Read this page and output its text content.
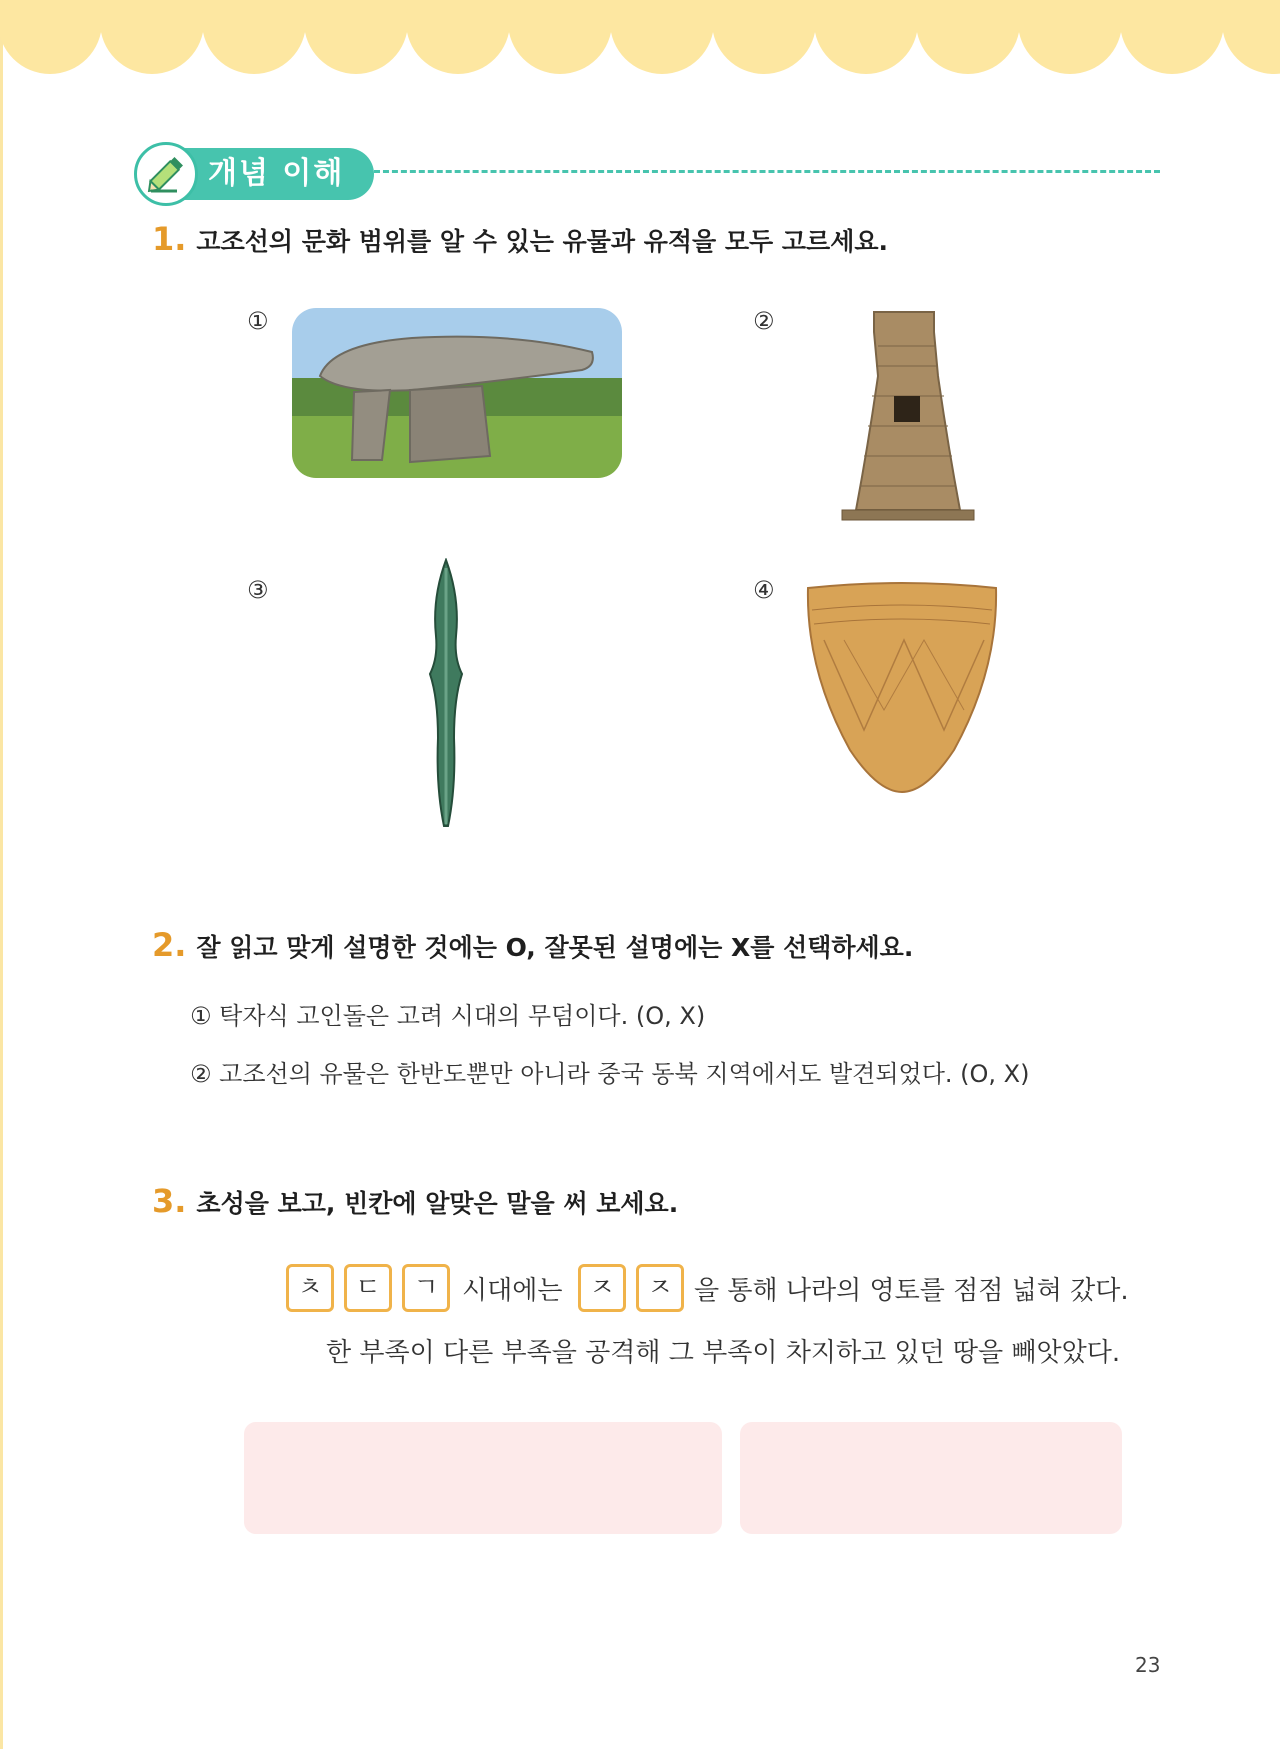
개념 이해
1. 고조선의 문화 범위를 알 수 있는 유물과 유적을 모두 고르세요.
①	②
③	④
2. 잘 읽고 맞게 설명한 것에는 O, 잘못된 설명에는 X를 선택하세요.
① 탁자식 고인돌은 고려 시대의 무덤이다. (O, X)
② 고조선의 유물은 한반도뿐만 아니라 중국 동북 지역에서도 발견되었다. (O, X)
3. 초성을 보고, 빈칸에 알맞은 말을 써 보세요.
ㅊ	ㄷ	ㄱ 시대에는	ㅈ	ㅈ 을 통해 나라의 영토를 점점 넓혀 갔다.
한 부족이 다른 부족을 공격해 그 부족이 차지하고 있던 땅을 빼앗았다.
23
